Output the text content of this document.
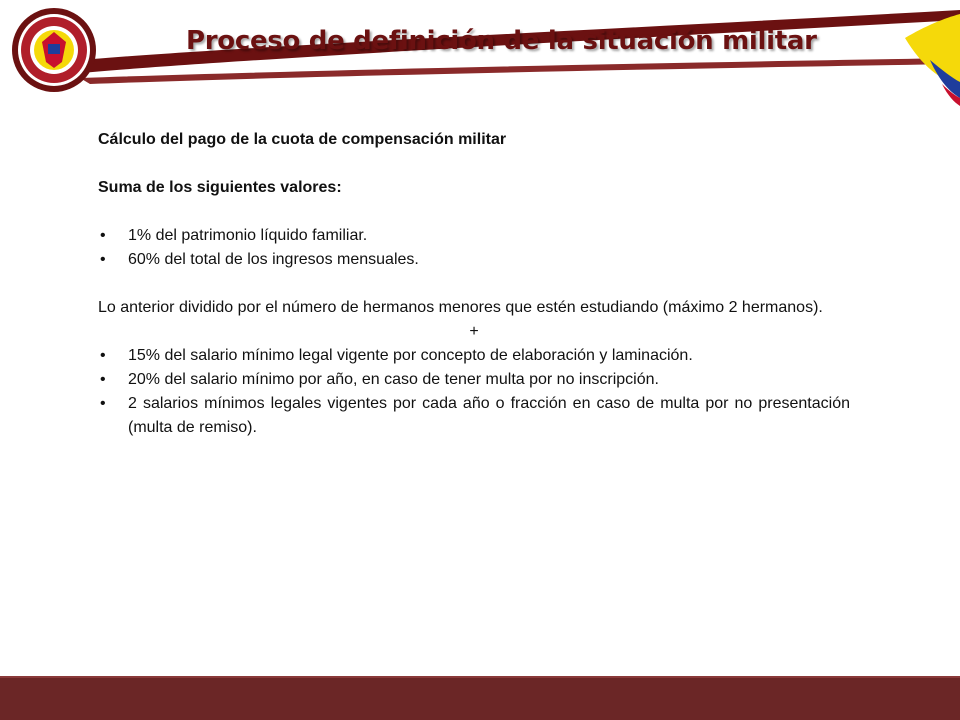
Proceso de definición de la situación militar

Cálculo del pago de la cuota de compensación militar

Suma de los siguientes valores:

• 1% del patrimonio líquido familiar.
• 60% del total de los ingresos mensuales.

Lo anterior dividido por el número de hermanos menores que estén estudiando (máximo 2 hermanos).

+

• 15% del salario mínimo legal vigente por concepto de elaboración y laminación.
• 20% del salario mínimo por año, en caso de tener multa por no inscripción.
• 2 salarios mínimos legales vigentes por cada año o fracción en caso de multa por no presentación (multa de remiso).
